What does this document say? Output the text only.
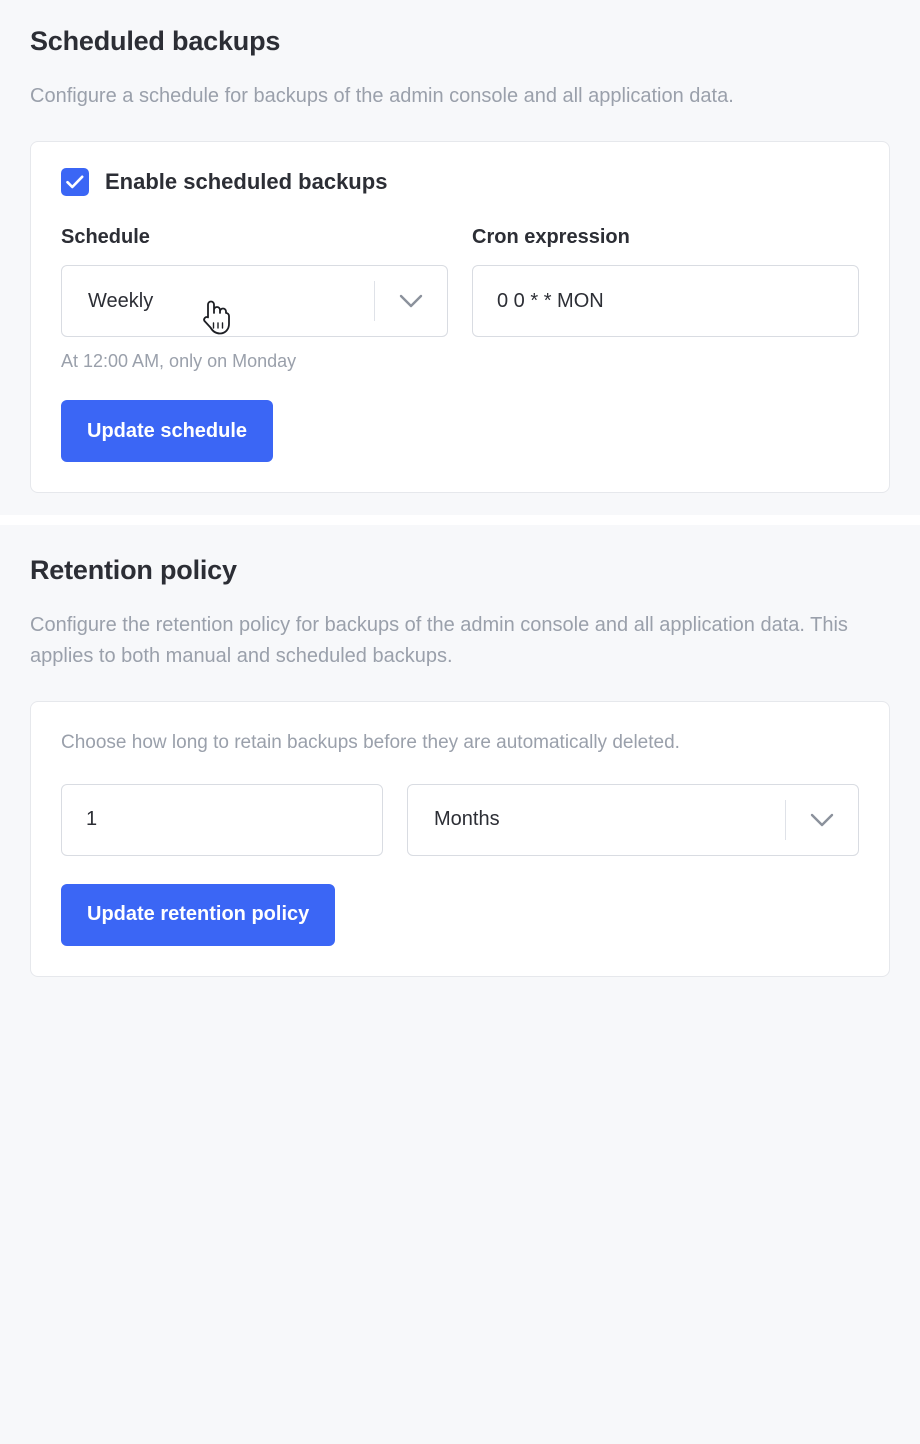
Scheduled backups

Configure a schedule for backups of the admin console and all application data.

Enable scheduled backups
Schedule
Weekly

At 12:00 AM, only on Monday

Cron expression
0 0 * * MON
Update schedule
Retention policy

Configure the retention policy for backups of the admin console and all application data. This applies to both manual and scheduled backups.

Choose how long to retain backups before they are automatically deleted.

1
Months
Update retention policy
